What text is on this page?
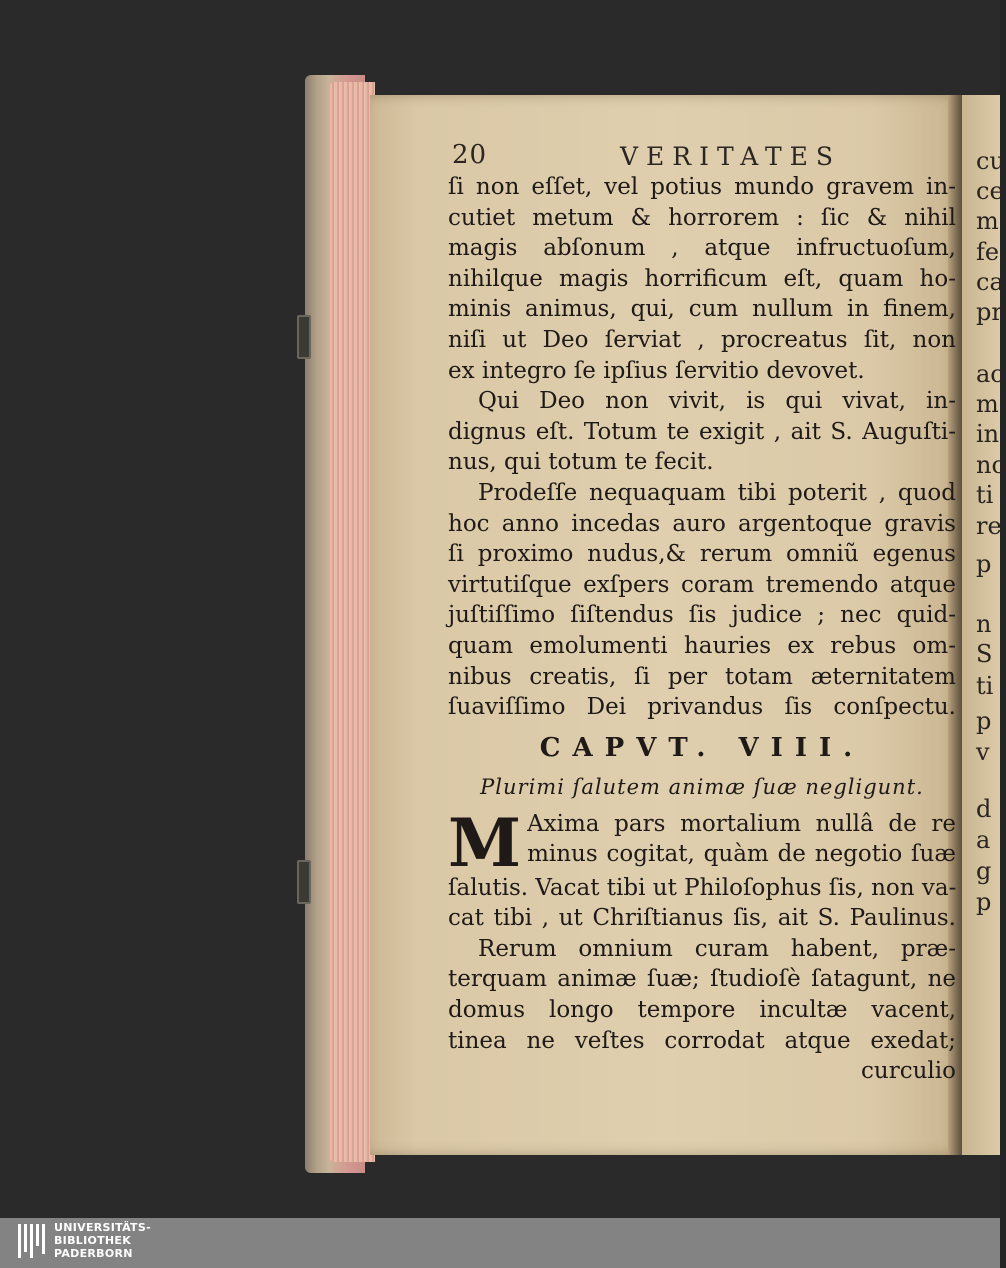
cu
ce
m
fe
ca
pr
ac
m
in
no
ti
re
p
n
S
ti
p
v
d
a
g
p
20	VERITATES
ſi non eſſet, vel potius mundo gravem in-
cutiet metum & horrorem : ſic & nihil
magis abſonum , atque infructuoſum,
nihilque magis horrificum eſt, quam ho-
minis animus, qui, cum nullum in finem,
niſi ut Deo ſerviat , procreatus ſit, non
ex integro ſe ipſius ſervitio devovet.
Qui Deo non vivit, is qui vivat, in-
dignus eſt. Totum te exigit , ait S. Auguſti-
nus, qui totum te fecit.
Prodeſſe nequaquam tibi poterit , quod
hoc anno incedas auro argentoque gravis
ſi proximo nudus,& rerum omniũ egenus
virtutiſque exſpers coram tremendo atque
juſtiſſimo ſiſtendus ſis judice ; nec quid-
quam emolumenti hauries ex rebus om-
nibus creatis, ſi per totam æternitatem
ſuaviſſimo Dei privandus ſis conſpectu.
CAPVT. VIII.
Plurimi ſalutem animæ ſuæ negligunt.
M Axima pars mortalium nullâ de re
minus cogitat, quàm de negotio ſuæ
ſalutis. Vacat tibi ut Philoſophus ſis, non va-
cat tibi , ut Chriſtianus ſis, ait S. Paulinus.
Rerum omnium curam habent, præ-
terquam animæ ſuæ; ſtudioſè ſatagunt, ne
domus longo tempore incultæ vacent,
tinea ne veſtes corrodat atque exedat;
curculio
UNIVERSITÄTS-
BIBLIOTHEK
PADERBORN
